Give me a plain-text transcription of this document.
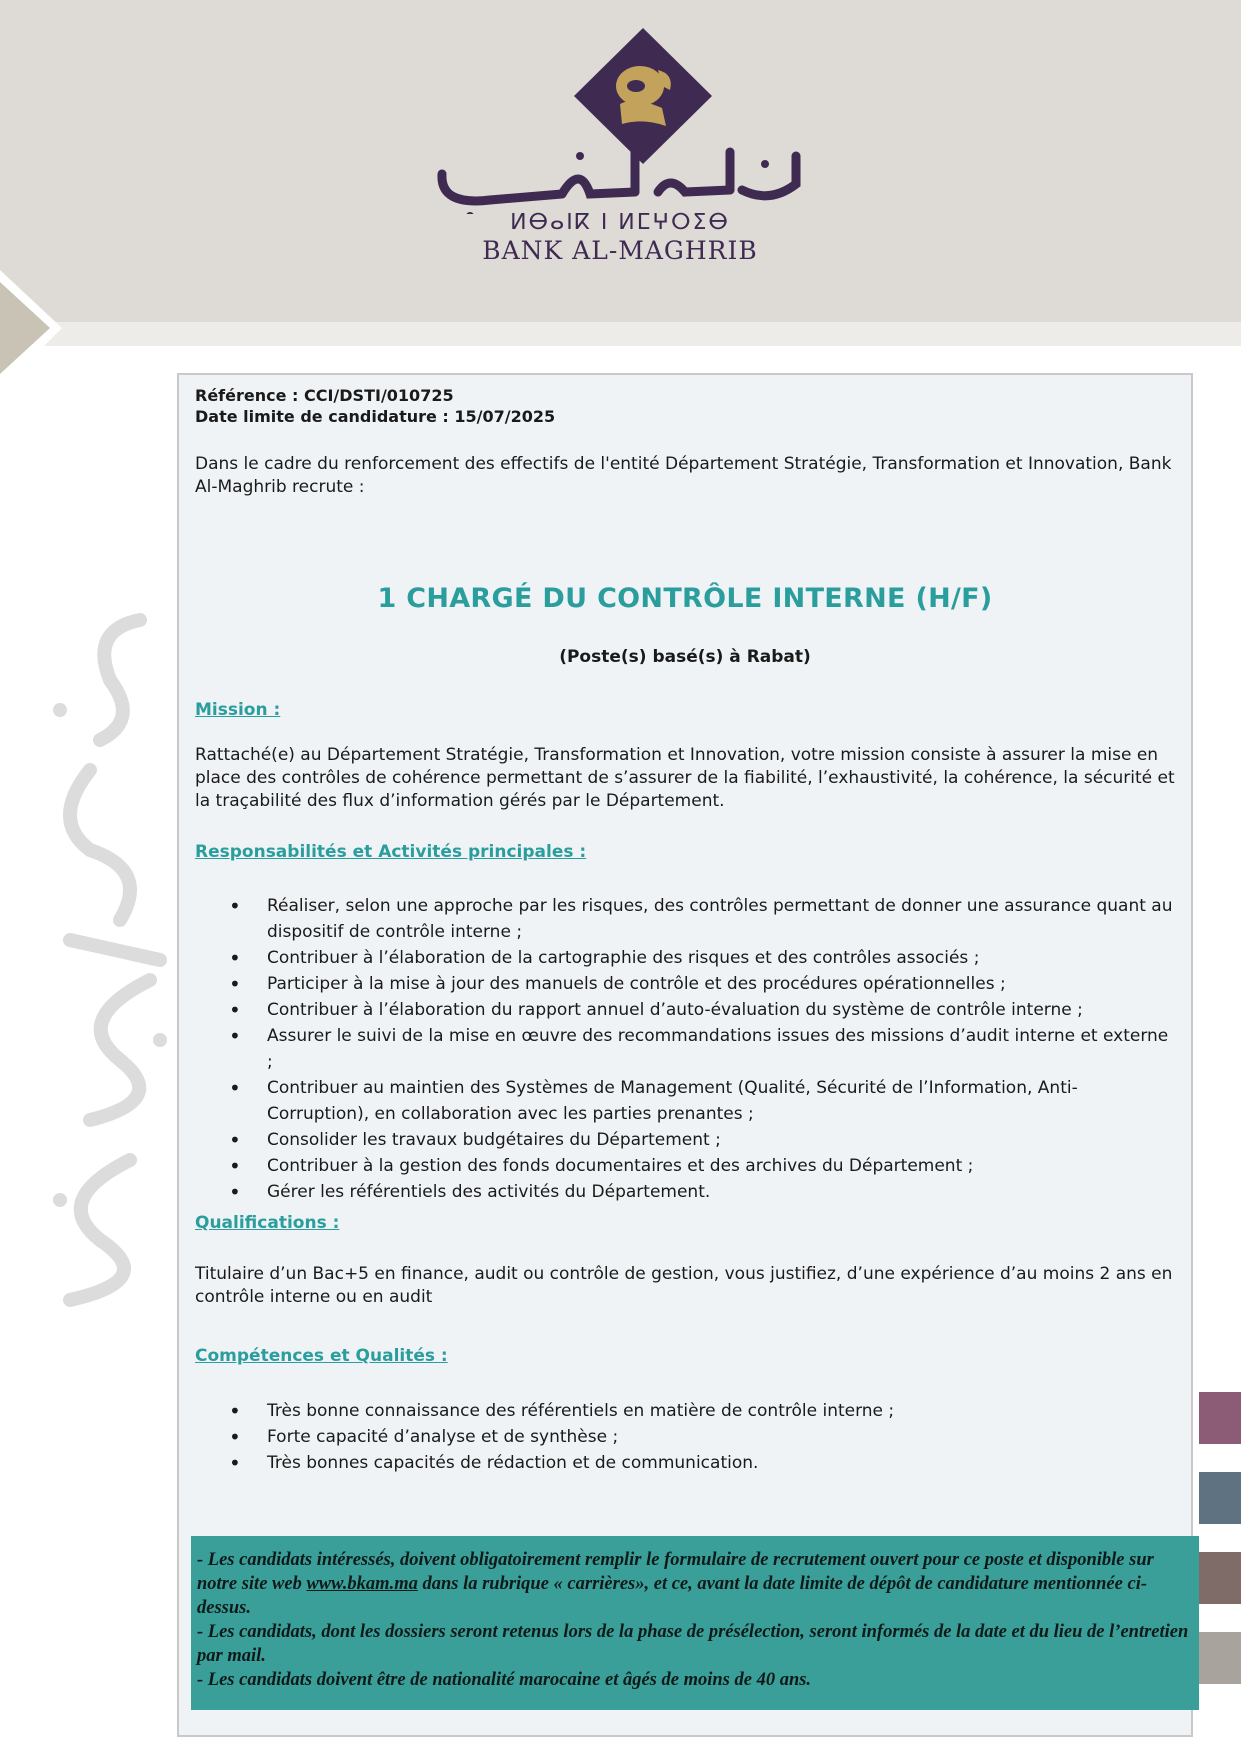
ⵍⴱⴰⵏⴽ ⵏ ⵍⵎⵖⵔⵉⴱ
BANK AL-MAGHRIB
Référence : CCI/DSTI/010725
Date limite de candidature : 15/07/2025
Dans le cadre du renforcement des effectifs de l'entité Département Stratégie, Transformation et Innovation, Bank Al-Maghrib recrute :
1 CHARGÉ DU CONTRÔLE INTERNE (H/F)
(Poste(s) basé(s) à Rabat)
Mission :
Rattaché(e) au Département Stratégie, Transformation et Innovation, votre mission consiste à assurer la mise en place des contrôles de cohérence permettant de s’assurer de la fiabilité, l’exhaustivité, la cohérence, la sécurité et la traçabilité des flux d’information gérés par le Département.
Responsabilités et Activités principales :
• Réaliser, selon une approche par les risques, des contrôles permettant de donner une assurance quant au dispositif de contrôle interne ;
• Contribuer à l’élaboration de la cartographie des risques et des contrôles associés ;
• Participer à la mise à jour des manuels de contrôle et des procédures opérationnelles ;
• Contribuer à l’élaboration du rapport annuel d’auto-évaluation du système de contrôle interne ;
• Assurer le suivi de la mise en œuvre des recommandations issues des missions d’audit interne et externe ;
• Contribuer au maintien des Systèmes de Management (Qualité, Sécurité de l’Information, Anti-Corruption), en collaboration avec les parties prenantes ;
• Consolider les travaux budgétaires du Département ;
• Contribuer à la gestion des fonds documentaires et des archives du Département ;
• Gérer les référentiels des activités du Département.
Qualifications :
Titulaire d’un Bac+5 en finance, audit ou contrôle de gestion, vous justifiez, d’une expérience d’au moins 2 ans en contrôle interne ou en audit
Compétences et Qualités :
• Très bonne connaissance des référentiels en matière de contrôle interne ;
• Forte capacité d’analyse et de synthèse ;
• Très bonnes capacités de rédaction et de communication.

- Les candidats intéressés, doivent obligatoirement remplir le formulaire de recrutement ouvert pour ce poste et disponible sur notre site web www.bkam.ma dans la rubrique « carrières», et ce, avant la date limite de dépôt de candidature mentionnée ci-dessus.

- Les candidats, dont les dossiers seront retenus lors de la phase de présélection, seront informés de la date et du lieu de l’entretien par mail.

- Les candidats doivent être de nationalité marocaine et âgés de moins de 40 ans.
